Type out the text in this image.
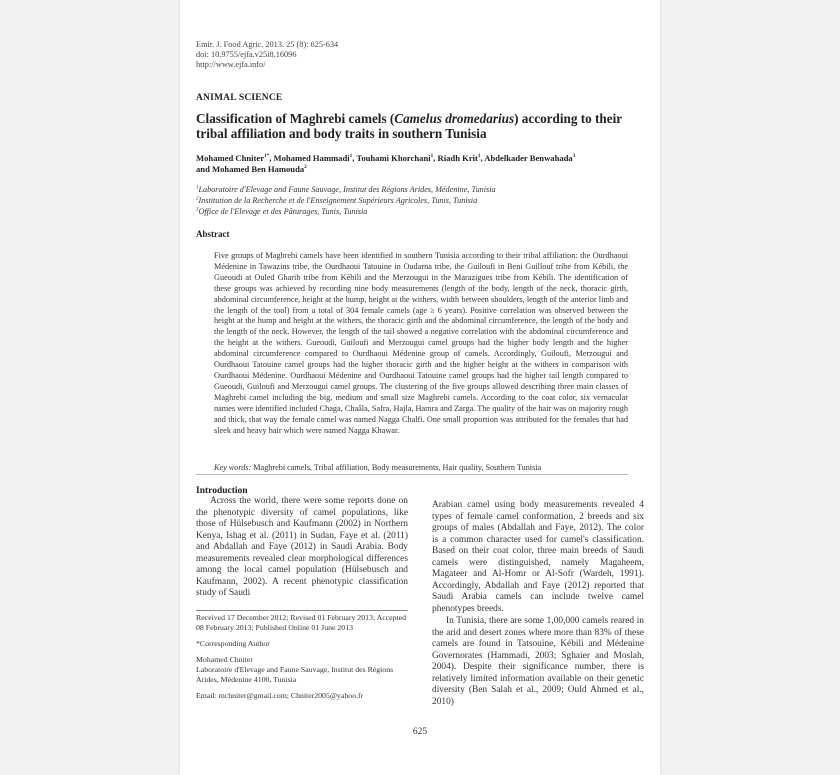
Emir. J. Food Agric. 2013. 25 (8): 625-634
doi: 10.9755/ejfa.v25i8.16096
http://www.ejfa.info/
ANIMAL SCIENCE
Classification of Maghrebi camels (Camelus dromedarius) according to their tribal affiliation and body traits in southern Tunisia
Mohamed Chniter$^{1*}$, Mohamed Hammadi$^1$, Touhami Khorchani$^1$, Riadh Krit$^1$, Abdelkader Benwahada$^3$
and Mohamed Ben Hamouda$^2$
$^1$Laboratoire d'Elevage and Faune Sauvage, Institut des Régions Arides, Médenine, Tunisia
$^2$Institution de la Recherche et de l'Enseignement Supérieurs Agricoles, Tunis, Tunisia
$^3$Office de l'Elevage et des Pâturages, Tunis, Tunisia
Abstract
Five groups of Maghrebi camels have been identified in southern Tunisia according to their tribal affiliation: the Ourdhaoui Médenine in Tawazins tribe, the Ourdhaoui Tatouine in Oudarna tribe, the Guiloufi in Beni Guillouf tribe from Kébili, the Gueoudi at Ouled Gharib tribe from Kébili and the Merzougui in the Marazigues tribe from Kébili. The identification of these groups was achieved by recording nine body measurements (length of the body, length of the neck, thoracic girth, abdominal circumference, height at the hump, height at the withers, width between shoulders, length of the anterior limb and the length of the tool) from a total of 304 female camels (age ≥ 6 years). Positive correlation was observed between the height at the hump and height at the withers, the thoracic girth and the abdominal circumference, the length of the body and the length of the neck. However, the length of the tail showed a negative correlation with the abdominal circumference and the height at the withers. Gueoudi, Guiloufi and Merzougui camel groups had the higher body length and the higher abdominal circumference compared to Ourdhaoui Médenine group of camels. Accordingly, Guiloufi, Merzougui and Ourdhaoui Tatouine camel groups had the higher thoracic girth and the higher height at the withers in comparison with Ourdhaoui Médenine. Ourdhaoui Médenine and Ourdhaoui Tatouine camel groups had the higher tail length compared to Gueoudi, Guiloufi and Merzougui camel groups. The clustering of the five groups allowed describing three main classes of Maghrebi camel including the big, medium and small size Maghrebi camels. According to the coat color, six vernacular names were identified included Chaga, Chaâla, Safra, Hajla, Hamra and Zarga. The quality of the hair was on majority rough and thick, that way the female camel was named Nagga Chalfi. One small proportion was attributed for the females that had sleek and heavy hair which were named Nagga Khawar.
Key words: Maghrebi camels, Tribal affiliation, Body measurements, Hair quality, Southern Tunisia
Introduction

Across the world, there were some reports done on the phenotypic diversity of camel populations, like those of Hülsebusch and Kaufmann (2002) in Northern Kenya, Ishag et al. (2011) in Sudan, Faye et al. (2011) and Abdallah and Faye (2012) in Saudi Arabia. Body measurements revealed clear morphological differences among the local camel population (Hülsebusch and Kaufmann, 2002). A recent phenotypic classification study of Saudi

Arabian camel using body measurements revealed 4 types of female camel conformation, 2 breeds and six groups of males (Abdallah and Faye, 2012). The color is a common character used for camel's classification. Based on their coat color, three main breeds of Saudi camels were distinguished, namely Magaheem, Magateer and Al-Homr or Al-Sofr (Wardeh, 1991). Accordingly, Abdallah and Faye (2012) reported that Saudi Arabia camels can include twelve camel phenotypes breeds.

In Tunisia, there are some 1,00,000 camels reared in the arid and desert zones where more than 83% of these camels are found in Tatsouine, Kébili and Médenine Governorates (Hammadi, 2003; Sghaier and Moslah, 2004). Despite their significance number, there is relatively limited information available on their genetic diversity (Ben Salah et al., 2009; Ould Ahmed et al., 2010)

Received 17 December 2012; Revised 01 February 2013; Accepted 08 February 2013; Published Online 01 June 2013

*Corresponding Author

Mohamed Chniter

Laboratoire d'Elevage and Faune Sauvage, Institut des Régions Arides, Médenine 4100, Tunisia

Email: mchniter@gmail.com; Chniter2005@yahoo.fr

625
